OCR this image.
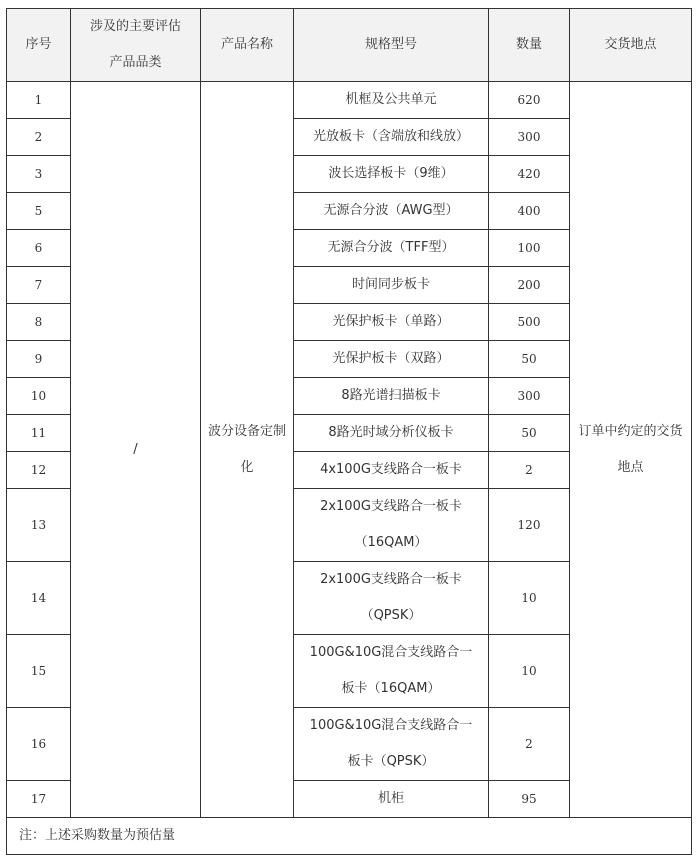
序号	涉及的主要评估产品品类	产品名称	规格型号	数量	交货地点
1	/	波分设备定制化	机框及公共单元	620	订单中约定的交货地点
2			光放板卡（含端放和线放）	300	
3			波长选择板卡（9维）	420	
5			无源合分波（AWG型）	400	
6			无源合分波（TFF型）	100	
7			时间同步板卡	200	
8			光保护板卡（单路）	500	
9			光保护板卡（双路）	50	
10			8路光谱扫描板卡	300	
11			8路光时域分析仪板卡	50	
12			4x100G支线路合一板卡	2	
13			2x100G支线路合一板卡（16QAM）	120	
14			2x100G支线路合一板卡（QPSK）	10	
15			100G&10G混合支线路合一板卡（16QAM）	10	
16			100G&10G混合支线路合一板卡（QPSK）	2	
17			机柜	95	
注：上述采购数量为预估量					
